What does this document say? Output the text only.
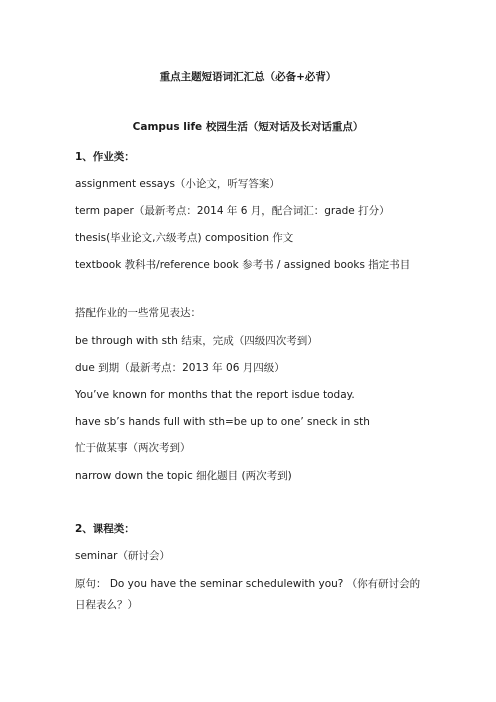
重点主题短语词汇汇总（必备+必背）
Campus life 校园生活（短对话及长对话重点）
1、作业类：
assignment essays（小论文，听写答案）
term paper（最新考点：2014 年 6 月，配合词汇：grade 打分）
thesis(毕业论文,六级考点) composition 作文
textbook 教科书/reference book 参考书 / assigned books 指定书目
搭配作业的一些常见表达：
be through with sth 结束，完成（四级四次考到）
due 到期（最新考点：2013 年 06 月四级）
You’ve known for months that the report isdue today.
have sb’s hands full with sth=be up to one’ sneck in sth
忙于做某事（两次考到）
narrow down the topic 细化题目 (两次考到)
2、课程类：
seminar（研讨会）
原句： Do you have the seminar schedulewith you? （你有研讨会的日程表么？）
